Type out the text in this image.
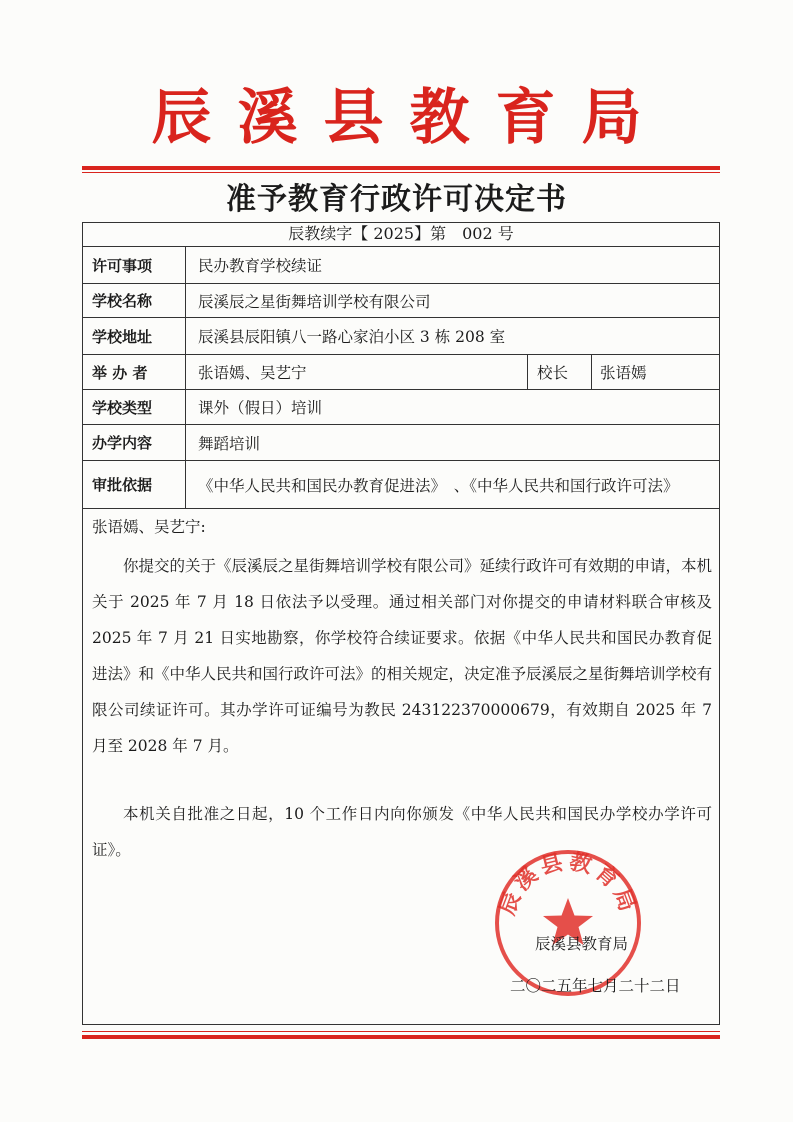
辰溪县教育局
准予教育行政许可决定书
辰教续字【 2025】第　002 号
许可事项	民办教育学校续证
学校名称	辰溪辰之星街舞培训学校有限公司
学校地址	辰溪县辰阳镇八一路心家泊小区 3 栋 208 室
举 办 者	张语嫣、吴艺宁	校长 张语嫣
学校类型	课外（假日）培训
办学内容	舞蹈培训
审批依据	《中华人民共和国民办教育促进法》　、《中华人民共和国行政许可法》
张语嫣、吴艺宁:
你提交的关于《辰溪辰之星街舞培训学校有限公司》延续行政许可有效期的申请，本机关于 2025 年 7 月 18 日依法予以受理。通过相关部门对你提交的申请材料联合审核及 2025 年 7 月 21 日实地勘察，你学校符合续证要求。依据《中华人民共和国民办教育促进法》和《中华人民共和国行政许可法》的相关规定，决定准予辰溪辰之星街舞培训学校有限公司续证许可。其办学许可证编号为教民 243122370000679，有效期自 2025 年 7 月至 2028 年 7 月。
本机关自批准之日起，10 个工作日内向你颁发《中华人民共和国民办学校办学许可证》。
辰溪县教育局
辰溪县教育局
二〇二五年七月二十二日
